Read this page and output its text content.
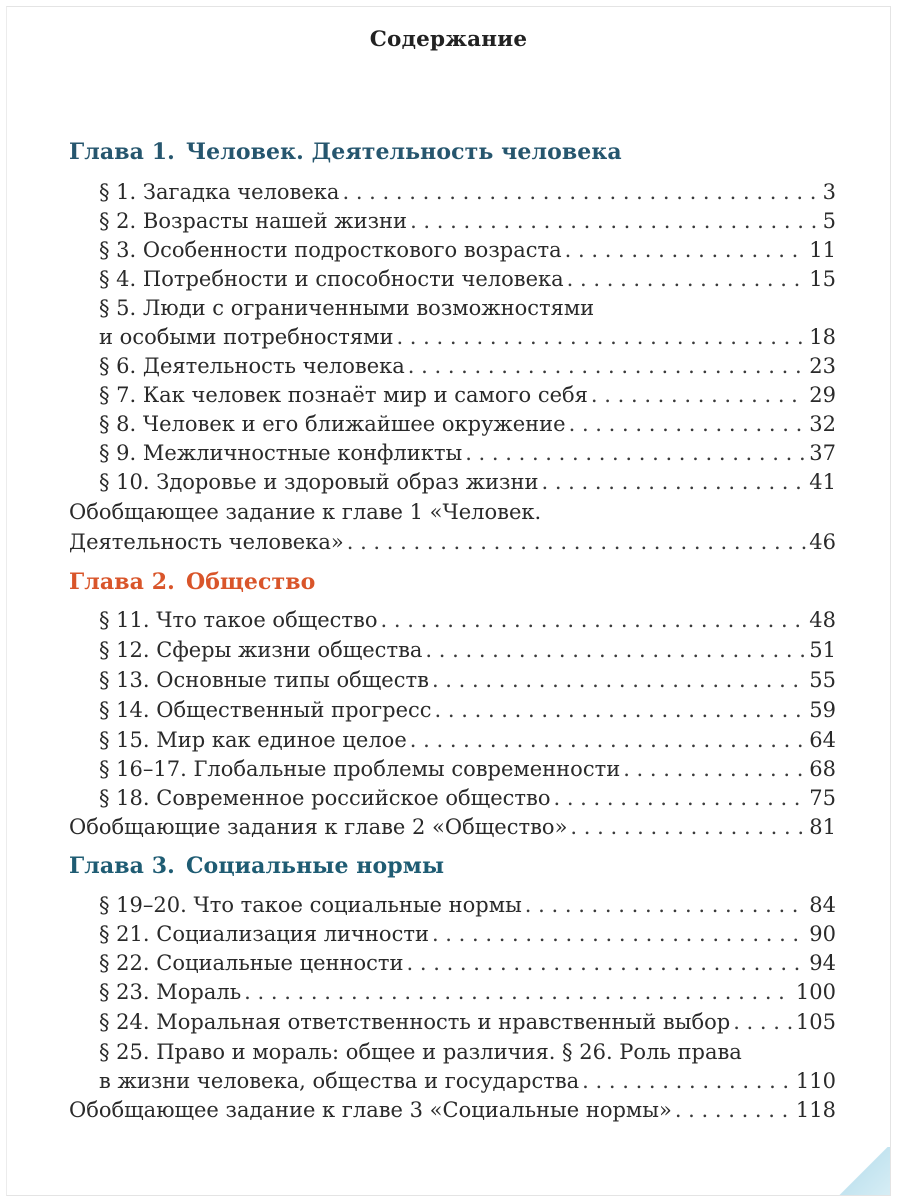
Содержание
Глава 1. Человек. Деятельность человека
§ 1. Загадка человека . . .	3
§ 2. Возрасты нашей жизни . . .	5
§ 3. Особенности подросткового возраста . . .	11
§ 4. Потребности и способности человека . . .	15
§ 5. Люди с ограниченными возможностями
и особыми потребностями . . .	18
§ 6. Деятельность человека . . .	23
§ 7. Как человек познаёт мир и самого себя . . .	29
§ 8. Человек и его ближайшее окружение . . .	32
§ 9. Межличностные конфликты . . .	37
§ 10. Здоровье и здоровый образ жизни . . .	41
Обобщающее задание к главе 1 «Человек.
Деятельность человека» . . .	46
Глава 2. Общество
§ 11. Что такое общество . . .	48
§ 12. Сферы жизни общества . . .	51
§ 13. Основные типы обществ . . .	55
§ 14. Общественный прогресс . . .	59
§ 15. Мир как единое целое . . .	64
§ 16–17. Глобальные проблемы современности . . .	68
§ 18. Современное российское общество . . .	75
Обобщающие задания к главе 2 «Общество» . . .	81
Глава 3. Социальные нормы
§ 19–20. Что такое социальные нормы . . .	84
§ 21. Социализация личности . . .	90
§ 22. Социальные ценности . . .	94
§ 23. Мораль . . .	100
§ 24. Моральная ответственность и нравственный выбор . . .	105
§ 25. Право и мораль: общее и различия. § 26. Роль права
в жизни человека, общества и государства . . .	110
Обобщающее задание к главе 3 «Социальные нормы» . . .	118
